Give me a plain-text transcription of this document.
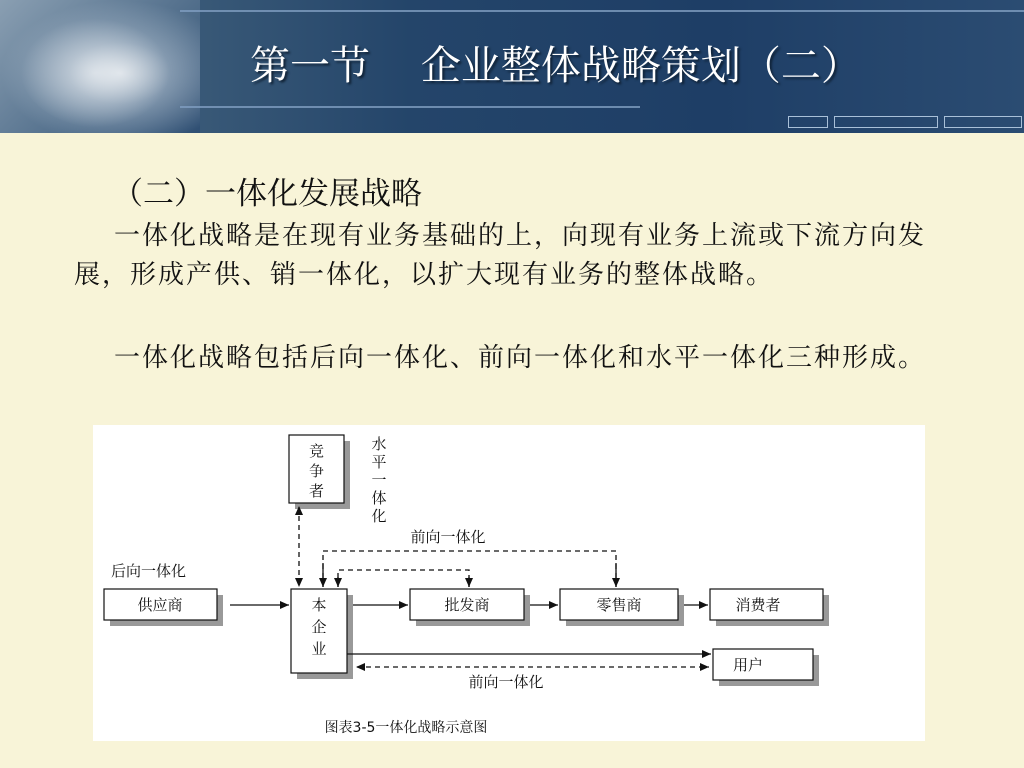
第一节    企业整体战略策划（二）
（二）一体化发展战略
一体化战略是在现有业务基础的上，向现有业务上流或下流方向发展，形成产供、销一体化，以扩大现有业务的整体战略。
一体化战略包括后向一体化、前向一体化和水平一体化三种形成。
竞
争
者
水
平
一
体
化
前向一体化
后向一体化
供应商	本
企
业
批发商	零售商	消费者
用户
前向一体化
图表3-5一体化战略示意图
